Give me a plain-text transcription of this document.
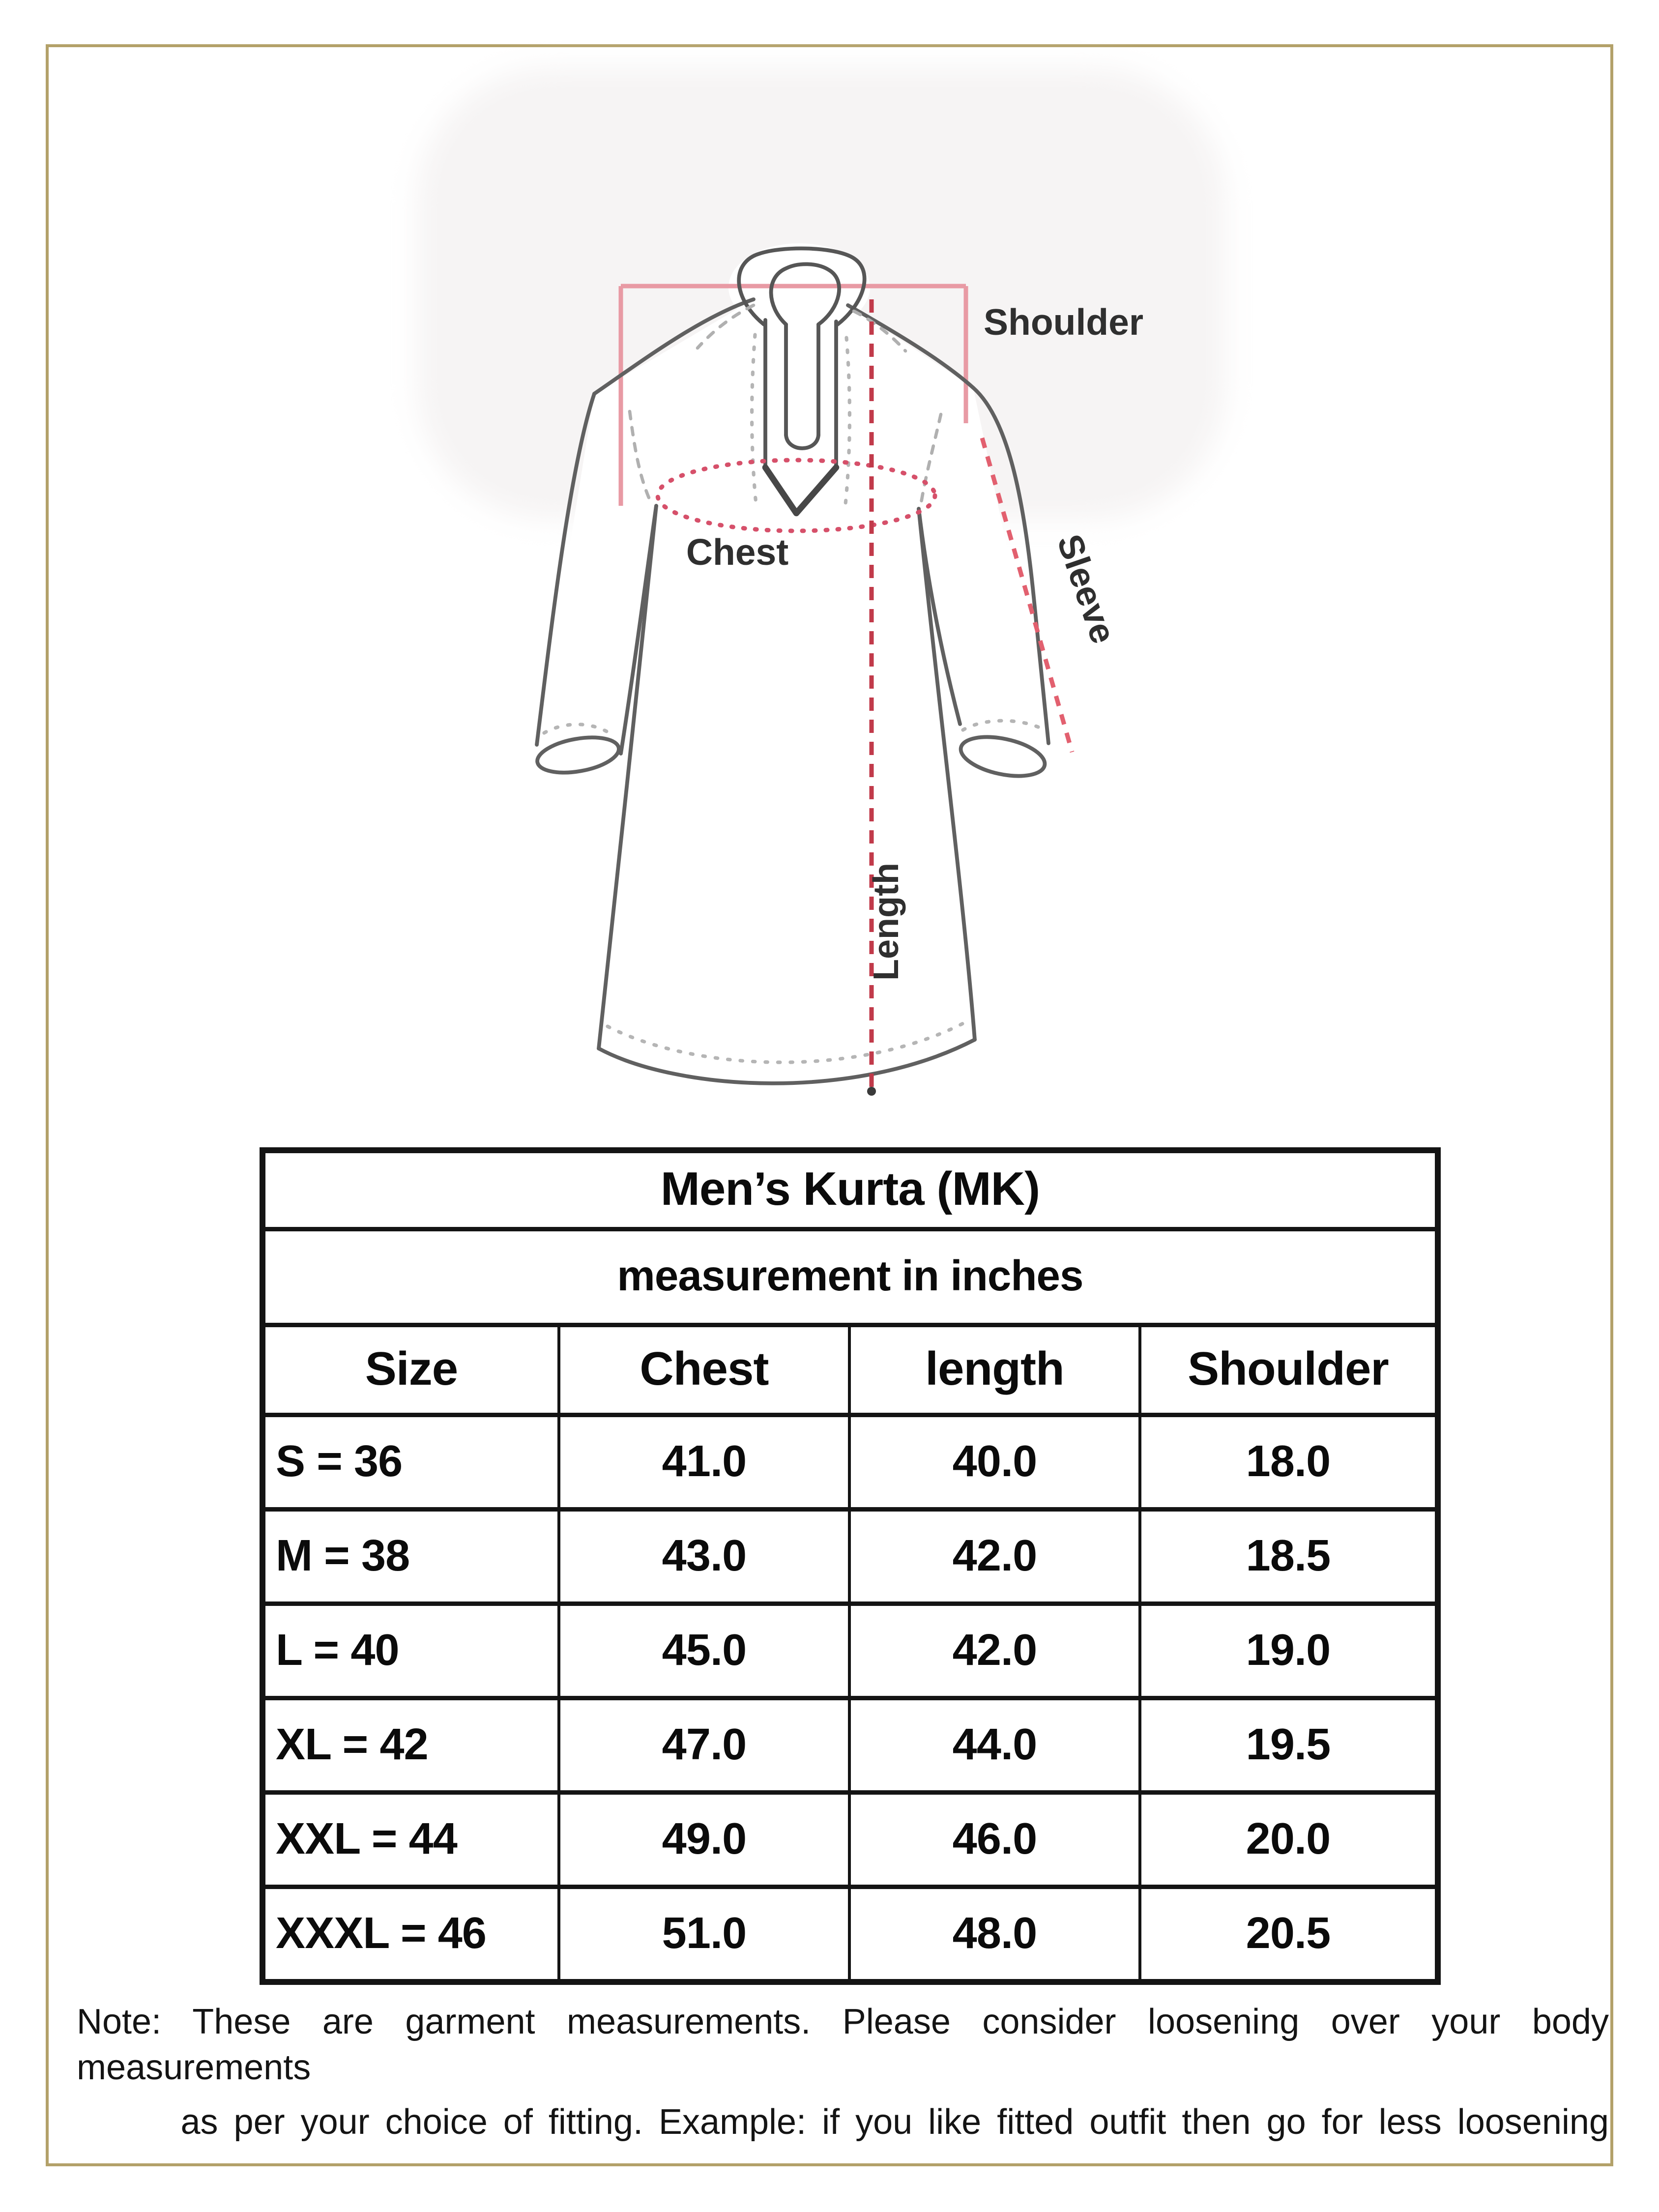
Shoulder
Chest	Sleeve
Length
Men’s Kurta (MK)			
measurement in inches			
Size	Chest	length	Shoulder
S = 36	41.0	40.0	18.0
M = 38	43.0	42.0	18.5
L = 40	45.0	42.0	19.0
XL = 42	47.0	44.0	19.5
XXL = 44	49.0	46.0	20.0
XXXL = 46	51.0	48.0	20.5
Note: These are garment measurements. Please consider loosening over your body measurements
as per your choice of fitting. Example: if you like fitted outfit then go for less loosening
